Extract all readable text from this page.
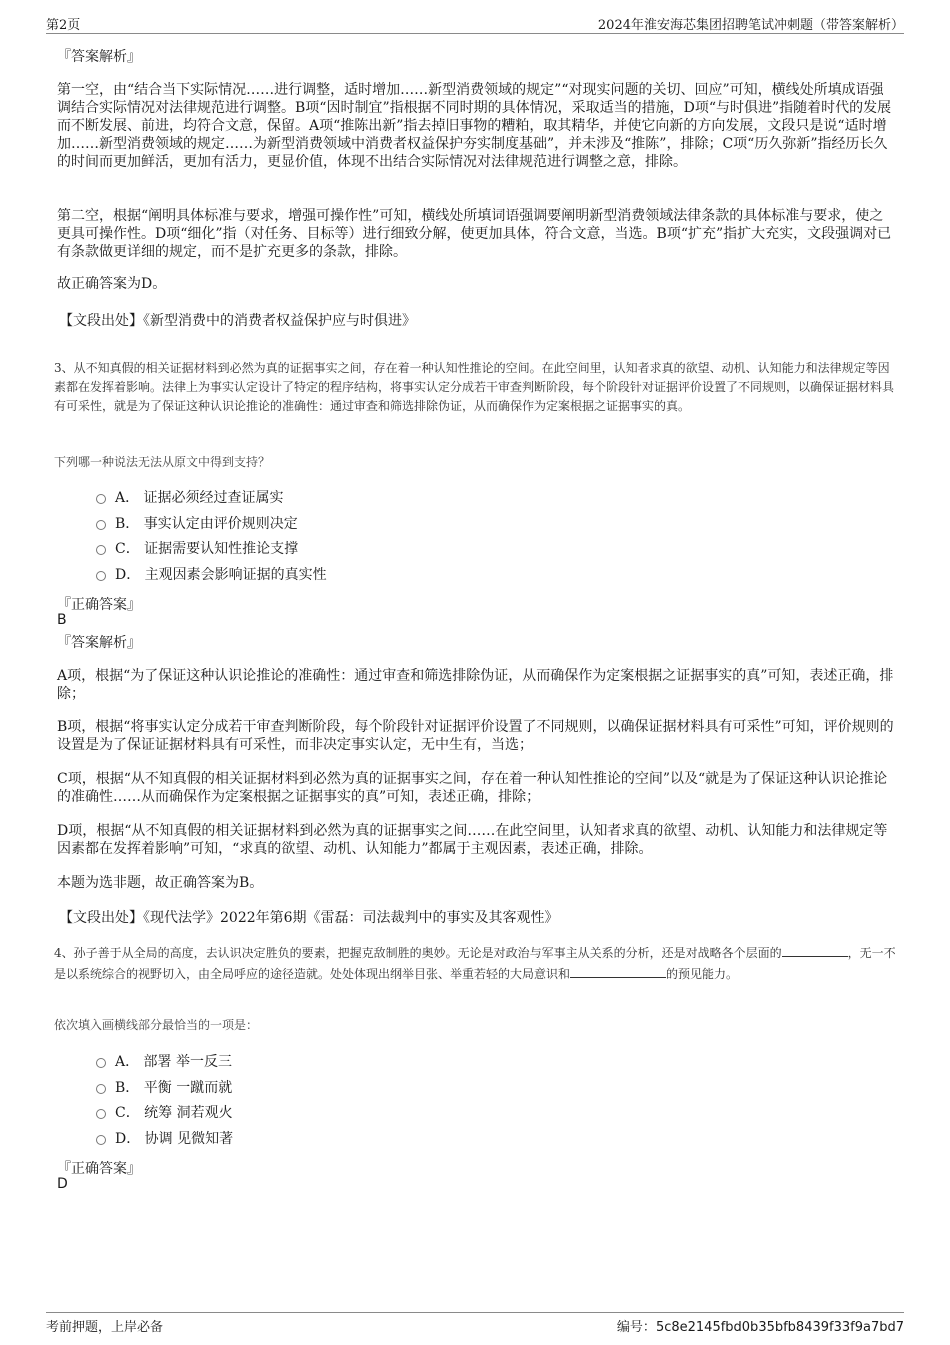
第2页	2024年淮安海芯集团招聘笔试冲刺题（带答案解析）
『答案解析』
第一空，由“结合当下实际情况……进行调整，适时增加……新型消费领域的规定”“对现实问题的关切、回应”可知，横线处所填成语强调结合实际情况对法律规范进行调整。B项“因时制宜”指根据不同时期的具体情况，采取适当的措施，D项“与时俱进”指随着时代的发展而不断发展、前进，均符合文意，保留。A项“推陈出新”指去掉旧事物的糟粕，取其精华，并使它向新的方向发展，文段只是说“适时增加……新型消费领域的规定……为新型消费领域中消费者权益保护夯实制度基础”，并未涉及“推陈”，排除；C项“历久弥新”指经历长久的时间而更加鲜活，更加有活力，更显价值，体现不出结合实际情况对法律规范进行调整之意，排除。
第二空，根据“阐明具体标准与要求，增强可操作性”可知，横线处所填词语强调要阐明新型消费领域法律条款的具体标准与要求，使之更具可操作性。D项“细化”指（对任务、目标等）进行细致分解，使更加具体，符合文意，当选。B项“扩充”指扩大充实，文段强调对已有条款做更详细的规定，而不是扩充更多的条款，排除。
故正确答案为D。
【文段出处】《新型消费中的消费者权益保护应与时俱进》
3、从不知真假的相关证据材料到必然为真的证据事实之间，存在着一种认知性推论的空间。在此空间里，认知者求真的欲望、动机、认知能力和法律规定等因素都在发挥着影响。法律上为事实认定设计了特定的程序结构，将事实认定分成若干审查判断阶段，每个阶段针对证据评价设置了不同规则，以确保证据材料具有可采性，就是为了保证这种认识论推论的准确性：通过审查和筛选排除伪证，从而确保作为定案根据之证据事实的真。
下列哪一种说法无法从原文中得到支持？
A． 证据必须经过查证属实
B． 事实认定由评价规则决定
C． 证据需要认知性推论支撑
D． 主观因素会影响证据的真实性
『正确答案』
B
『答案解析』
A项，根据“为了保证这种认识论推论的准确性：通过审查和筛选排除伪证，从而确保作为定案根据之证据事实的真”可知，表述正确，排除；
B项，根据“将事实认定分成若干审查判断阶段，每个阶段针对证据评价设置了不同规则，以确保证据材料具有可采性”可知，评价规则的设置是为了保证证据材料具有可采性，而非决定事实认定，无中生有，当选；
C项，根据“从不知真假的相关证据材料到必然为真的证据事实之间，存在着一种认知性推论的空间”以及“就是为了保证这种认识论推论的准确性……从而确保作为定案根据之证据事实的真”可知，表述正确，排除；
D项，根据“从不知真假的相关证据材料到必然为真的证据事实之间……在此空间里，认知者求真的欲望、动机、认知能力和法律规定等因素都在发挥着影响”可知，“求真的欲望、动机、认知能力”都属于主观因素，表述正确，排除。
本题为选非题，故正确答案为B。
【文段出处】《现代法学》2022年第6期《雷磊：司法裁判中的事实及其客观性》
4、孙子善于从全局的高度，去认识决定胜负的要素，把握克敌制胜的奥妙。无论是对政治与军事主从关系的分析，还是对战略各个层面的	，无一不是以系统综合的视野切入，由全局呼应的途径造就。处处体现出纲举目张、举重若轻的大局意识和	的预见能力。
依次填入画横线部分最恰当的一项是：
A． 部署 举一反三
B． 平衡 一蹴而就
C． 统筹 洞若观火
D． 协调 见微知著
『正确答案』
D
考前押题，上岸必备	编号：5c8e2145fbd0b35bfb8439f33f9a7bd7
